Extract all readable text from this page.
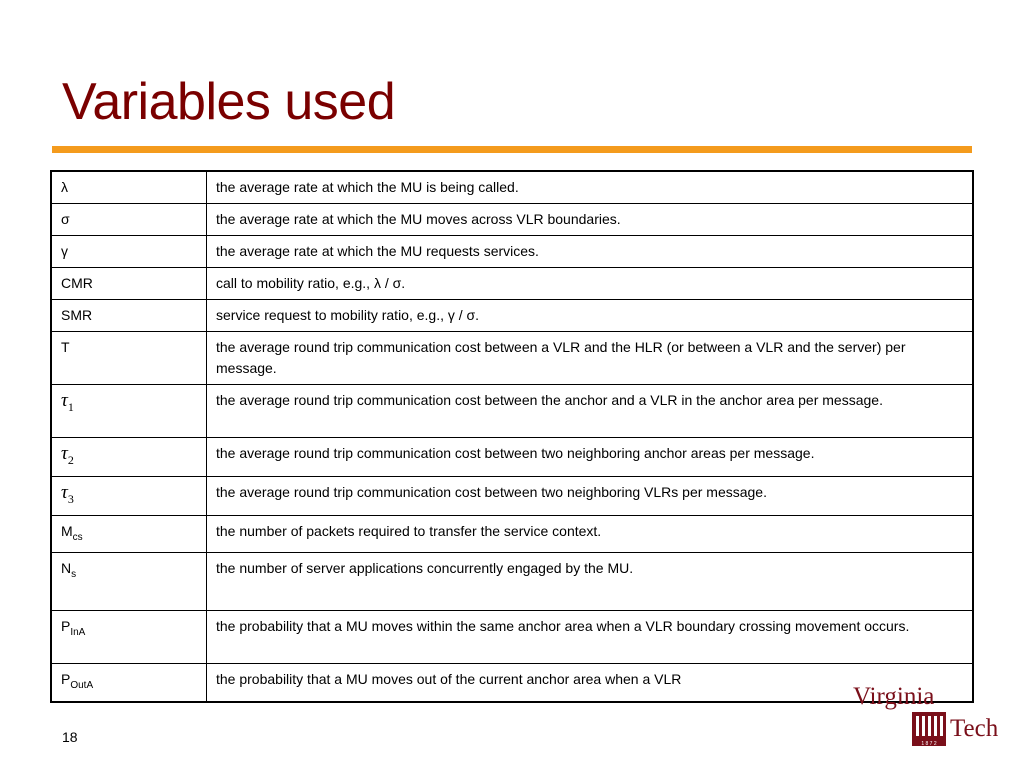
Variables used
λ	the average rate at which the MU is being called.
σ	the average rate at which the MU moves across VLR boundaries.
γ	the average rate at which the MU requests services.
CMR	call to mobility ratio, e.g., λ / σ.
SMR	service request to mobility ratio, e.g., γ / σ.
T	the average round trip communication cost between a VLR and the HLR (or between a VLR and the server) per message.
$\tau_1$	the average round trip communication cost between the anchor and a VLR in the anchor area per message.
$\tau_2$	the average round trip communication cost between two neighboring anchor areas per message.
$\tau_3$	the average round trip communication cost between two neighboring VLRs per message.
$M_{cs}$	the number of packets required to transfer the service context.
$N_s$	the number of server applications concurrently engaged by the MU.
$P_{InA}$	the probability that a MU moves within the same anchor area when a VLR boundary crossing movement occurs.
$P_{OutA}$	the probability that a MU moves out of the current anchor area when a VLR
Virginia
1 8 7 2
Tech
18
